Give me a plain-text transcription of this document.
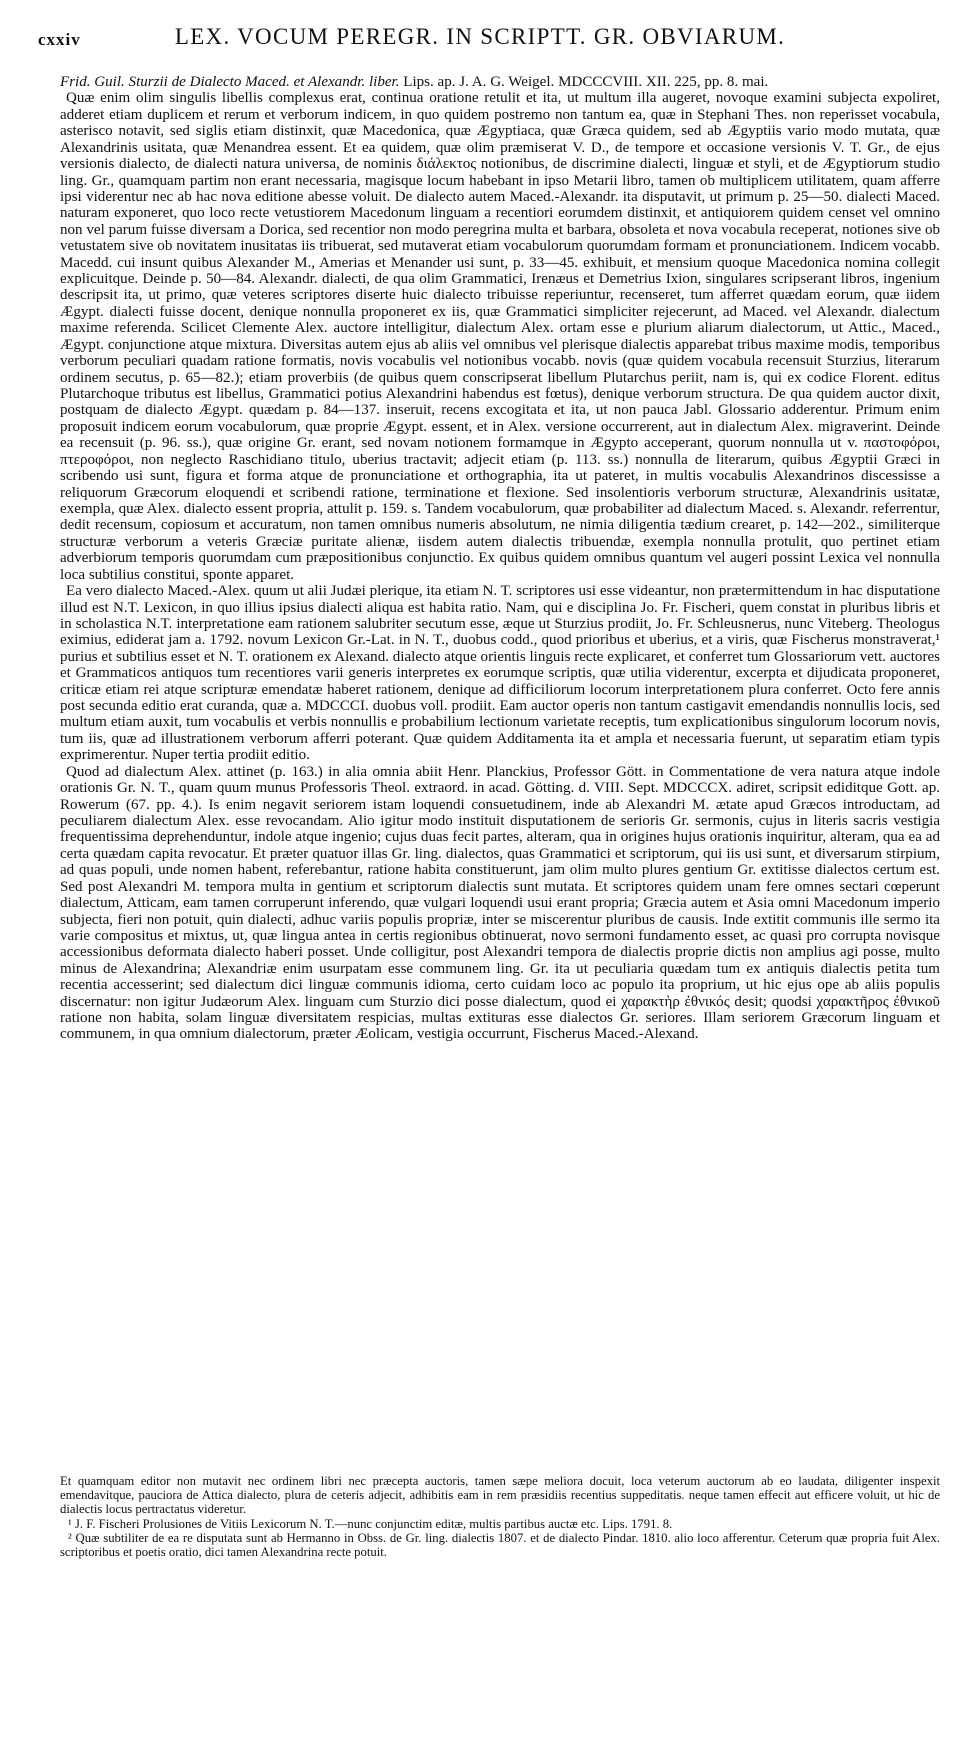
cxxiv	LEX. VOCUM PEREGR. IN SCRIPTT. GR. OBVIARUM.

Frid. Guil. Sturzii de Dialecto Maced. et Alexandr. liber. Lips. ap. J. A. G. Weigel. MDCCCVIII. XII. 225, pp. 8. mai.

Quæ enim olim singulis libellis complexus erat, continua oratione retulit et ita, ut multum illa augeret, novoque examini subjecta expoliret, adderet etiam duplicem et rerum et verborum indicem, in quo quidem postremo non tantum ea, quæ in Stephani Thes. non reperisset vocabula, asterisco notavit, sed siglis etiam distinxit, quæ Macedonica, quæ Ægyptiaca, quæ Græca quidem, sed ab Ægyptiis vario modo mutata, quæ Alexandrinis usitata, quæ Menandrea essent. Et ea quidem, quæ olim præmiserat V. D., de tempore et occasione versionis V. T. Gr., de ejus versionis dialecto, de dialecti natura universa, de nominis διάλεκτος notionibus, de discrimine dialecti, linguæ et styli, et de Ægyptiorum studio ling. Gr., quamquam partim non erant necessaria, magisque locum habebant in ipso Metarii libro, tamen ob multiplicem utilitatem, quam afferre ipsi viderentur nec ab hac nova editione abesse voluit. De dialecto autem Maced.-Alexandr. ita disputavit, ut primum p. 25—50. dialecti Maced. naturam exponeret, quo loco recte vetustiorem Macedonum linguam a recentiori eorumdem distinxit, et antiquiorem quidem censet vel omnino non vel parum fuisse diversam a Dorica, sed recentior non modo peregrina multa et barbara, obsoleta et nova vocabula receperat, notiones sive ob vetustatem sive ob novitatem inusitatas iis tribuerat, sed mutaverat etiam vocabulorum quorumdam formam et pronunciationem. Indicem vocabb. Macedd. cui insunt quibus Alexander M., Amerias et Menander usi sunt, p. 33—45. exhibuit, et mensium quoque Macedonica nomina collegit explicuitque. Deinde p. 50—84. Alexandr. dialecti, de qua olim Grammatici, Irenæus et Demetrius Ixion, singulares scripserant libros, ingenium descripsit ita, ut primo, quæ veteres scriptores diserte huic dialecto tribuisse reperiuntur, recenseret, tum afferret quædam eorum, quæ iidem Ægypt. dialecti fuisse docent, denique nonnulla proponeret ex iis, quæ Grammatici simpliciter rejecerunt, ad Maced. vel Alexandr. dialectum maxime referenda. Scilicet Clemente Alex. auctore intelligitur, dialectum Alex. ortam esse e plurium aliarum dialectorum, ut Attic., Maced., Ægypt. conjunctione atque mixtura. Diversitas autem ejus ab aliis vel omnibus vel plerisque dialectis apparebat tribus maxime modis, temporibus verborum peculiari quadam ratione formatis, novis vocabulis vel notionibus vocabb. novis (quæ quidem vocabula recensuit Sturzius, literarum ordinem secutus, p. 65—82.); etiam proverbiis (de quibus quem conscripserat libellum Plutarchus periit, nam is, qui ex codice Florent. editus Plutarchoque tributus est libellus, Grammatici potius Alexandrini habendus est fœtus), denique verborum structura. De qua quidem auctor dixit, postquam de dialecto Ægypt. quædam p. 84—137. inseruit, recens excogitata et ita, ut non pauca Jabl. Glossario adderentur. Primum enim proposuit indicem eorum vocabulorum, quæ proprie Ægypt. essent, et in Alex. versione occurrerent, aut in dialectum Alex. migraverint. Deinde ea recensuit (p. 96. ss.), quæ origine Gr. erant, sed novam notionem formamque in Ægypto acceperant, quorum nonnulla ut v. παστοφόροι, πτεροφόροι, non neglecto Raschidiano titulo, uberius tractavit; adjecit etiam (p. 113. ss.) nonnulla de literarum, quibus Ægyptii Græci in scribendo usi sunt, figura et forma atque de pronunciatione et orthographia, ita ut pateret, in multis vocabulis Alexandrinos discessisse a reliquorum Græcorum eloquendi et scribendi ratione, terminatione et flexione. Sed insolentioris verborum structuræ, Alexandrinis usitatæ, exempla, quæ Alex. dialecto essent propria, attulit p. 159. s. Tandem vocabulorum, quæ probabiliter ad dialectum Maced. s. Alexandr. referrentur, dedit recensum, copiosum et accuratum, non tamen omnibus numeris absolutum, ne nimia diligentia tædium crearet, p. 142—202., similiterque structuræ verborum a veteris Græciæ puritate alienæ, iisdem autem dialectis tribuendæ, exempla nonnulla protulit, quo pertinet etiam adverbiorum temporis quorumdam cum præpositionibus conjunctio. Ex quibus quidem omnibus quantum vel augeri possint Lexica vel nonnulla loca subtilius constitui, sponte apparet.

Ea vero dialecto Maced.-Alex. quum ut alii Judæi plerique, ita etiam N. T. scriptores usi esse videantur, non prætermittendum in hac disputatione illud est N.T. Lexicon, in quo illius ipsius dialecti aliqua est habita ratio. Nam, qui e disciplina Jo. Fr. Fischeri, quem constat in pluribus libris et in scholastica N.T. interpretatione eam rationem salubriter secutum esse, æque ut Sturzius prodiit, Jo. Fr. Schleusnerus, nunc Viteberg. Theologus eximius, ediderat jam a. 1792. novum Lexicon Gr.-Lat. in N. T., duobus codd., quod prioribus et uberius, et a viris, quæ Fischerus monstraverat,¹ purius et subtilius esset et N. T. orationem ex Alexand. dialecto atque orientis linguis recte explicaret, et conferret tum Glossariorum vett. auctores et Grammaticos antiquos tum recentiores varii generis interpretes ex eorumque scriptis, quæ utilia viderentur, excerpta et dijudicata proponeret, criticæ etiam rei atque scripturæ emendatæ haberet rationem, denique ad difficiliorum locorum interpretationem plura conferret. Octo fere annis post secunda editio erat curanda, quæ a. MDCCCI. duobus voll. prodiit. Eam auctor operis non tantum castigavit emendandis nonnullis locis, sed multum etiam auxit, tum vocabulis et verbis nonnullis e probabilium lectionum varietate receptis, tum explicationibus singulorum locorum novis, tum iis, quæ ad illustrationem verborum afferri poterant. Quæ quidem Additamenta ita et ampla et necessaria fuerunt, ut separatim etiam typis exprimerentur. Nuper tertia prodiit editio.

Quod ad dialectum Alex. attinet (p. 163.) in alia omnia abiit Henr. Planckius, Professor Gött. in Commentatione de vera natura atque indole orationis Gr. N. T., quam quum munus Professoris Theol. extraord. in acad. Götting. d. VIII. Sept. MDCCCX. adiret, scripsit ediditque Gott. ap. Rowerum (67. pp. 4.). Is enim negavit seriorem istam loquendi consuetudinem, inde ab Alexandri M. ætate apud Græcos introductam, ad peculiarem dialectum Alex. esse revocandam. Alio igitur modo instituit disputationem de serioris Gr. sermonis, cujus in literis sacris vestigia frequentissima deprehenduntur, indole atque ingenio; cujus duas fecit partes, alteram, qua in origines hujus orationis inquiritur, alteram, qua ea ad certa quædam capita revocatur. Et præter quatuor illas Gr. ling. dialectos, quas Grammatici et scriptorum, qui iis usi sunt, et diversarum stirpium, ad quas populi, unde nomen habent, referebantur, ratione habita constituerunt, jam olim multo plures gentium Gr. extitisse dialectos certum est. Sed post Alexandri M. tempora multa in gentium et scriptorum dialectis sunt mutata. Et scriptores quidem unam fere omnes sectari cœperunt dialectum, Atticam, eam tamen corruperunt inferendo, quæ vulgari loquendi usui erant propria; Græcia autem et Asia omni Macedonum imperio subjecta, fieri non potuit, quin dialecti, adhuc variis populis propriæ, inter se miscerentur pluribus de causis. Inde extitit communis ille sermo ita varie compositus et mixtus, ut, quæ lingua antea in certis regionibus obtinuerat, novo sermoni fundamento esset, ac quasi pro corrupta novisque accessionibus deformata dialecto haberi posset. Unde colligitur, post Alexandri tempora de dialectis proprie dictis non amplius agi posse, multo minus de Alexandrina; Alexandriæ enim usurpatam esse communem ling. Gr. ita ut peculiaria quædam tum ex antiquis dialectis petita tum recentia accesserint; sed dialectum dici linguæ communis idioma, certo cuidam loco ac populo ita proprium, ut hic ejus ope ab aliis populis discernatur: non igitur Judæorum Alex. linguam cum Sturzio dici posse dialectum, quod ei χαρακτὴρ ἐθνικός desit; quodsi χαρακτῆρος ἐθνικοῦ ratione non habita, solam linguæ diversitatem respicias, multas extituras esse dialectos Gr. seriores. Illam seriorem Græcorum linguam et communem, in qua omnium dialectorum, præter Æolicam, vestigia occurrunt, Fischerus Maced.-Alexand.

Et quamquam editor non mutavit nec ordinem libri nec præcepta auctoris, tamen sæpe meliora docuit, loca veterum auctorum ab eo laudata, diligenter inspexit emendavitque, pauciora de Attica dialecto, plura de ceteris adjecit, adhibitis eam in rem præsidiis recentius suppeditatis. neque tamen effecit aut efficere voluit, ut hic de dialectis locus pertractatus videretur.

¹ J. F. Fischeri Prolusiones de Vitiis Lexicorum N. T.—nunc conjunctim editæ, multis partibus auctæ etc. Lips. 1791. 8.

² Quæ subtiliter de ea re disputata sunt ab Hermanno in Obss. de Gr. ling. dialectis 1807. et de dialecto Pindar. 1810. alio loco afferentur. Ceterum quæ propria fuit Alex. scriptoribus et poetis oratio, dici tamen Alexandrina recte potuit.
